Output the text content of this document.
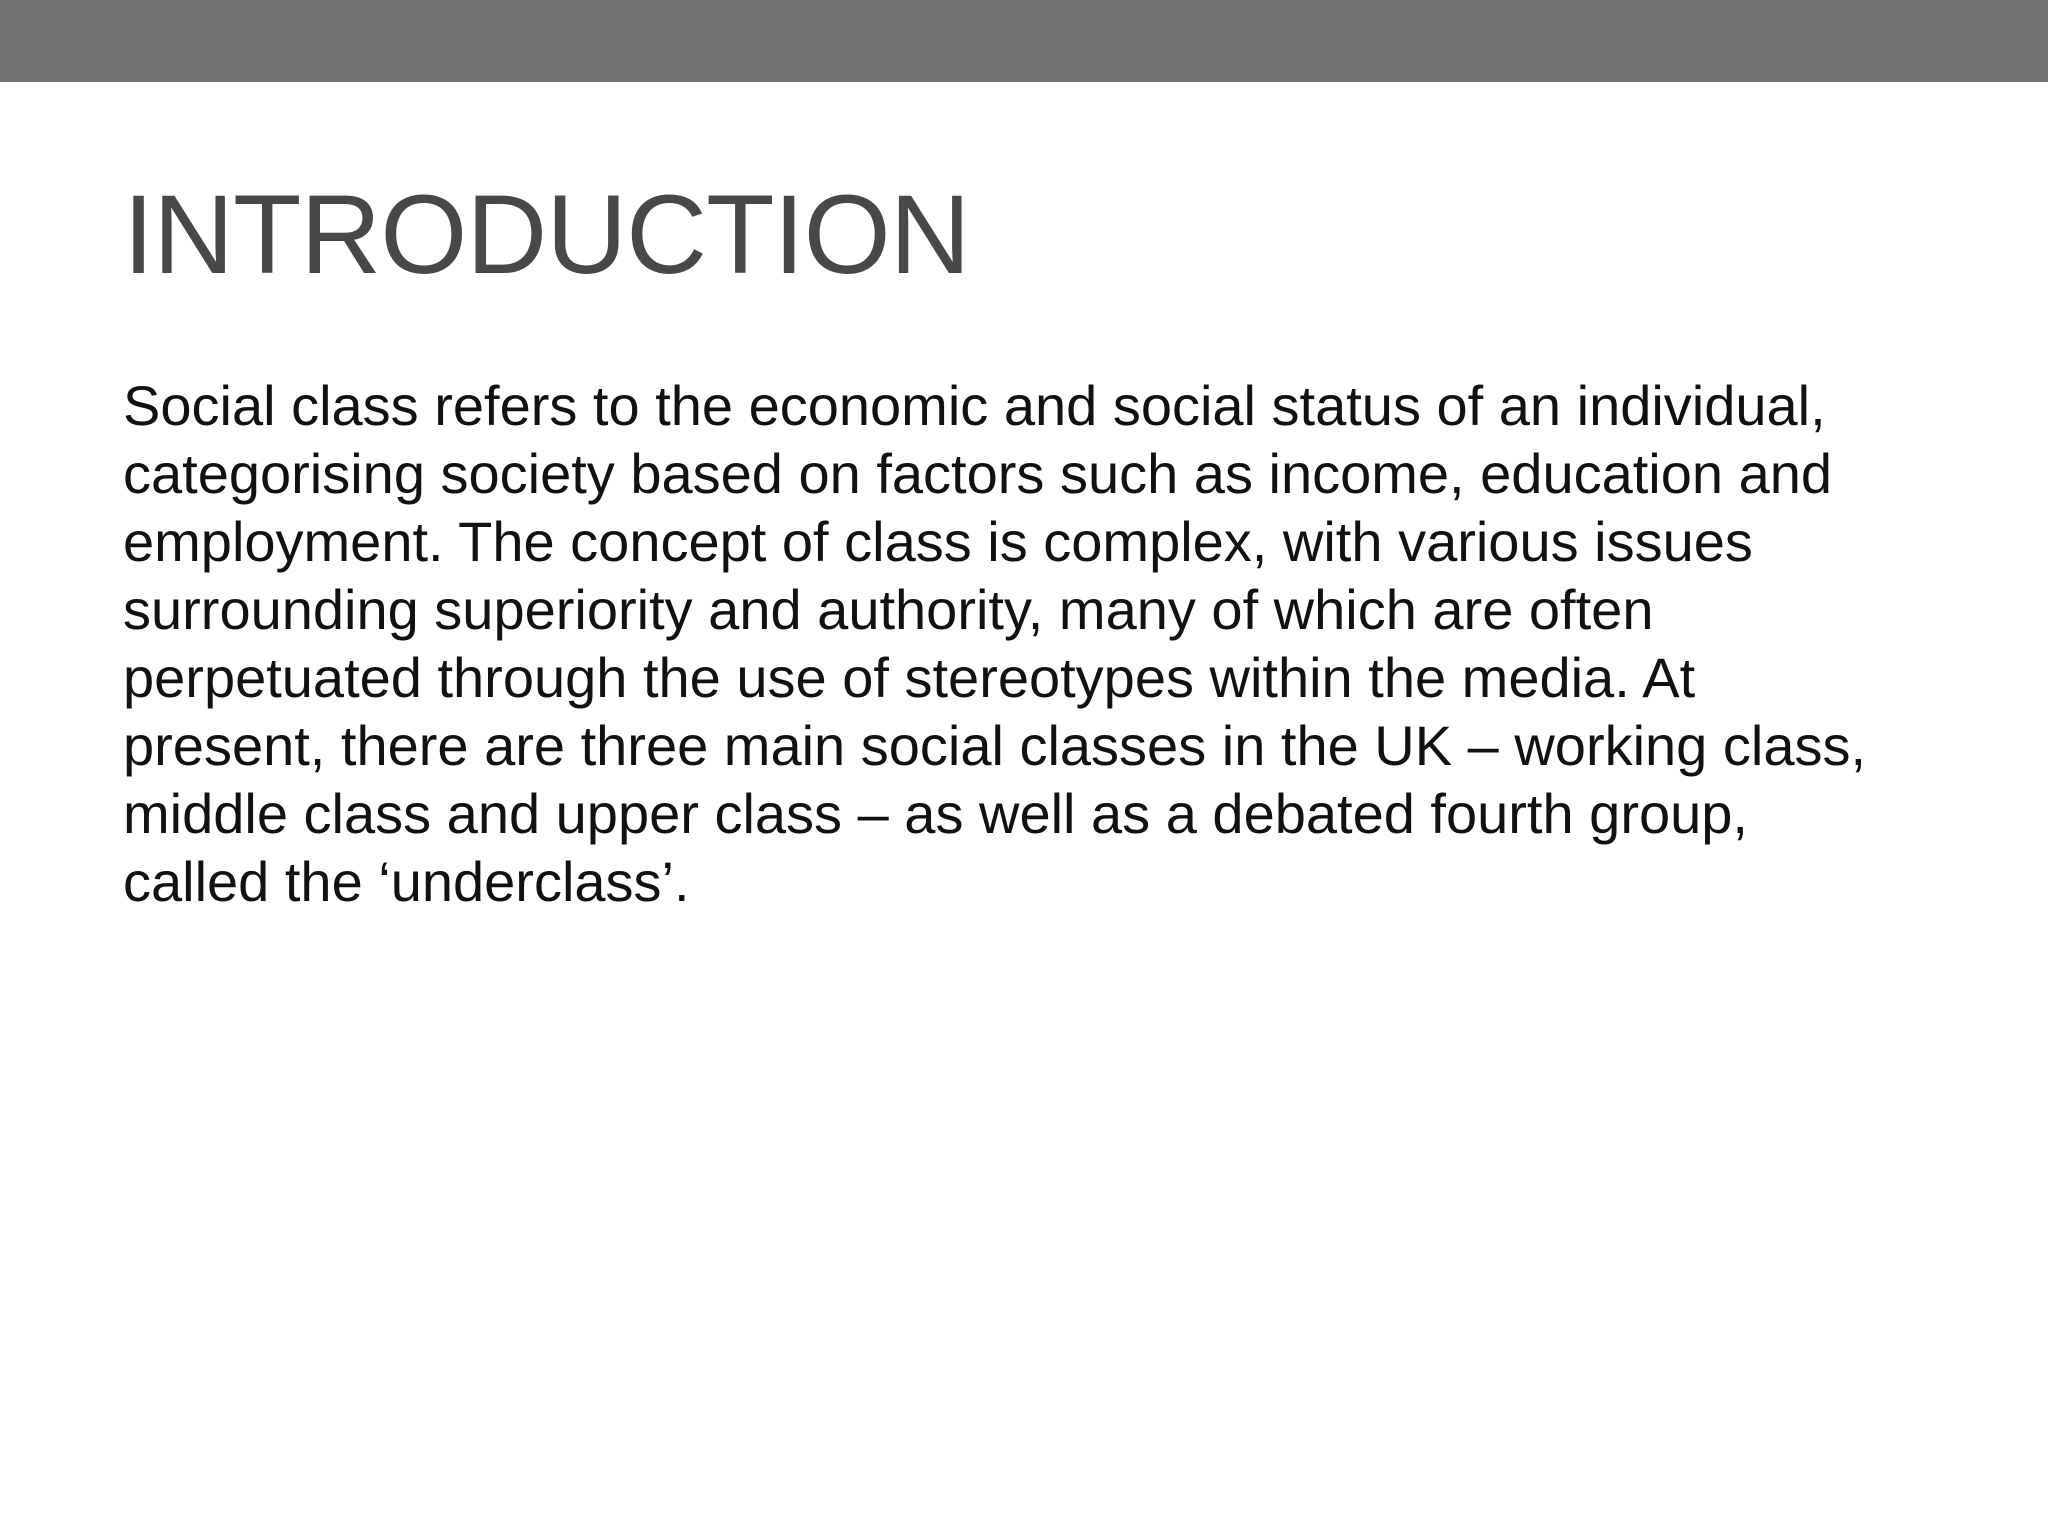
INTRODUCTION

Social class refers to the economic and social status of an individual,
categorising society based on factors such as income, education and
employment. The concept of class is complex, with various issues
surrounding superiority and authority, many of which are often
perpetuated through the use of stereotypes within the media. At
present, there are three main social classes in the UK – working class,
middle class and upper class – as well as a debated fourth group,
called the ‘underclass’.
